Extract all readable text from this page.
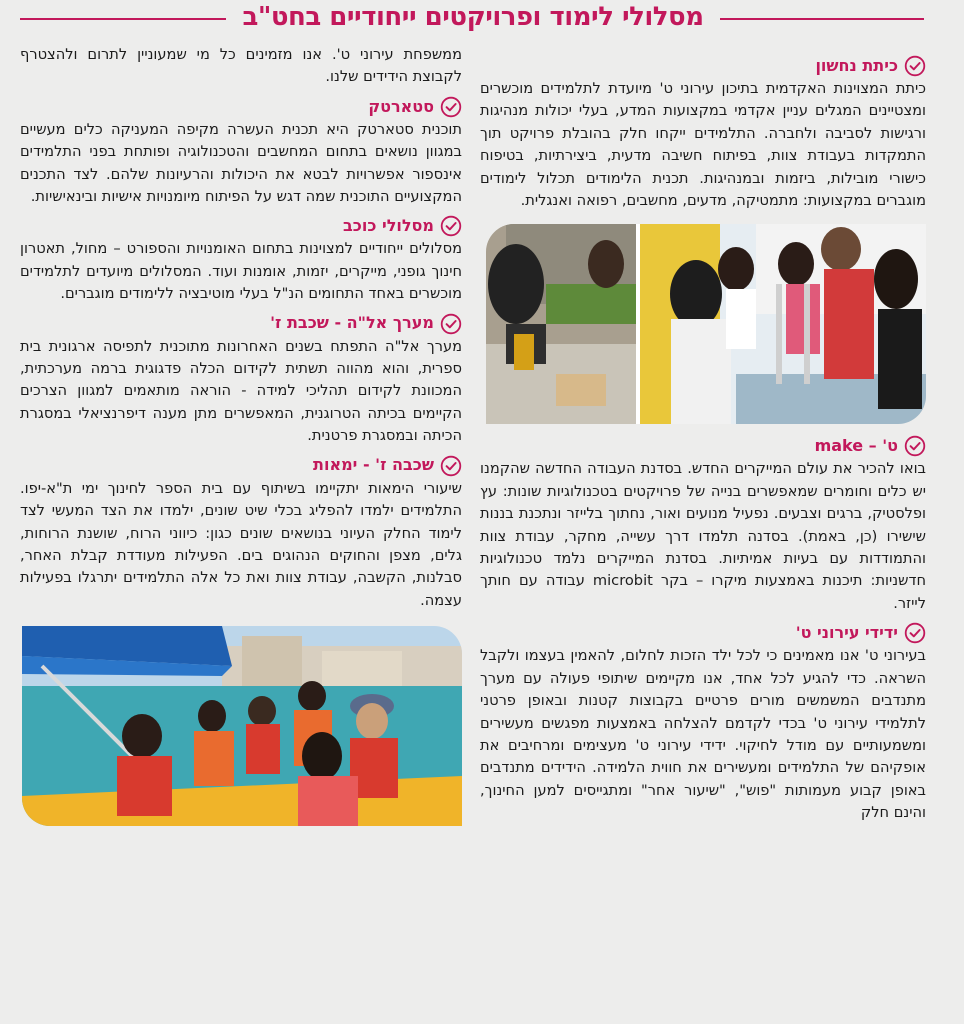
מסלולי לימוד ופרויקטים ייחודיים בחט"ב
כיתת נחשון

כיתת המצוינות האקדמית בתיכון עירוני ט' מיועדת לתלמידים מוכשרים ומצטיינים המגלים עניין אקדמי במקצועות המדע, בעלי יכולות מנהיגות ורגישות לסביבה ולחברה. התלמידים ייקחו חלק בהובלת פרויקט תוך התמקדות בעבודת צוות, בפיתוח חשיבה מדעית, ביצירתיות, בטיפוח כישורי מובילות, ביזמות ובמנהיגות. תכנית הלימודים תכלול לימודים מוגברים במקצועות: מתמטיקה, מדעים, מחשבים, רפואה ואנגלית.

ט' – make

בואו להכיר את עולם המייקרים החדש. בסדנת העבודה החדשה שהקמנו יש כלים וחומרים שמאפשרים בנייה של פרויקטים בטכנולוגיות שונות: עץ ופלסטיק, ברגים וצבעים. נפעיל מנועים ואור, נחתוך בלייזר ונתכנת בננות שישירו (כן, באמת). בסדנה תלמדו דרך עשייה, מחקר, עבודת צוות והתמודדות עם בעיות אמיתיות. בסדנת המייקרים נלמד טכנולוגיות חדשניות: תיכנות באמצעות מיקרו – בקר microbit עבודה עם חותך לייזר.

ידידי עירוני ט'

בעירוני ט' אנו מאמינים כי לכל ילד הזכות לחלום, להאמין בעצמו ולקבל השראה. כדי להגיע לכל אחד, אנו מקיימים שיתופי פעולה עם מערך מתנדבים המשמשים מורים פרטיים בקבוצות קטנות ובאופן פרטני לתלמידי עירוני ט' בכדי לקדמם להצלחה באמצעות מפגשים מעשירים ומשמעותיים עם מודל לחיקוי. ידידי עירוני ט' מעצימים ומרחיבים את אופקיהם של התלמידים ומעשירים את חווית הלמידה. הידידים מתנדבים באופן קבוע מעמותות "פוש", "שיעור אחר" ומתגייסים למען החינוך, והינם חלק

ממשפחת עירוני ט'. אנו מזמינים כל מי שמעוניין לתרום ולהצטרף לקבוצת הידידים שלנו.

סטארטק

תוכנית סטארטק היא תכנית העשרה מקיפה המעניקה כלים מעשיים במגוון נושאים בתחום המחשבים והטכנולוגיה ופותחת בפני התלמידים אינספור אפשרויות לבטא את היכולות והרעיונות שלהם. לצד התכנים המקצועיים התוכנית שמה דגש על הפיתוח מיומנויות אישיות ובינאישיות.

מסלולי כוכב

מסלולים ייחודיים למצוינות בתחום האומנויות והספורט – מחול, תאטרון חינוך גופני, מייקרים, יזמות, אומנות ועוד. המסלולים מיועדים לתלמידים מוכשרים באחד התחומים הנ"ל בעלי מוטיבציה ללימודים מוגברים.

מערך אל"ה - שכבת ז'

מערך אל"ה התפתח בשנים האחרונות מתוכנית לתפיסה ארגונית בית ספרית, והוא מהווה תשתית לקידום הכלה פדגוגית ברמה מערכתית, המכוונת לקידום תהליכי למידה - הוראה מותאמים למגוון הצרכים הקיימים בכיתה הטרוגנית, המאפשרים מתן מענה דיפרנציאלי במסגרת הכיתה ובמסגרת פרטנית.

שכבה ז' - ימאות

שיעורי הימאות יתקיימו בשיתוף עם בית הספר לחינוך ימי ת"א-יפו. התלמידים ילמדו להפליג בכלי שיט שונים, ילמדו את הצד המעשי לצד לימוד החלק העיוני בנושאים שונים כגון: כיווני הרוח, שושנת הרוחות, גלים, מצפן והחוקים הנהוגים בים. הפעילות מעודדת קבלת האחר, סבלנות, הקשבה, עבודת צוות ואת כל אלה התלמידים יתרגלו בפעילות עצמה.
